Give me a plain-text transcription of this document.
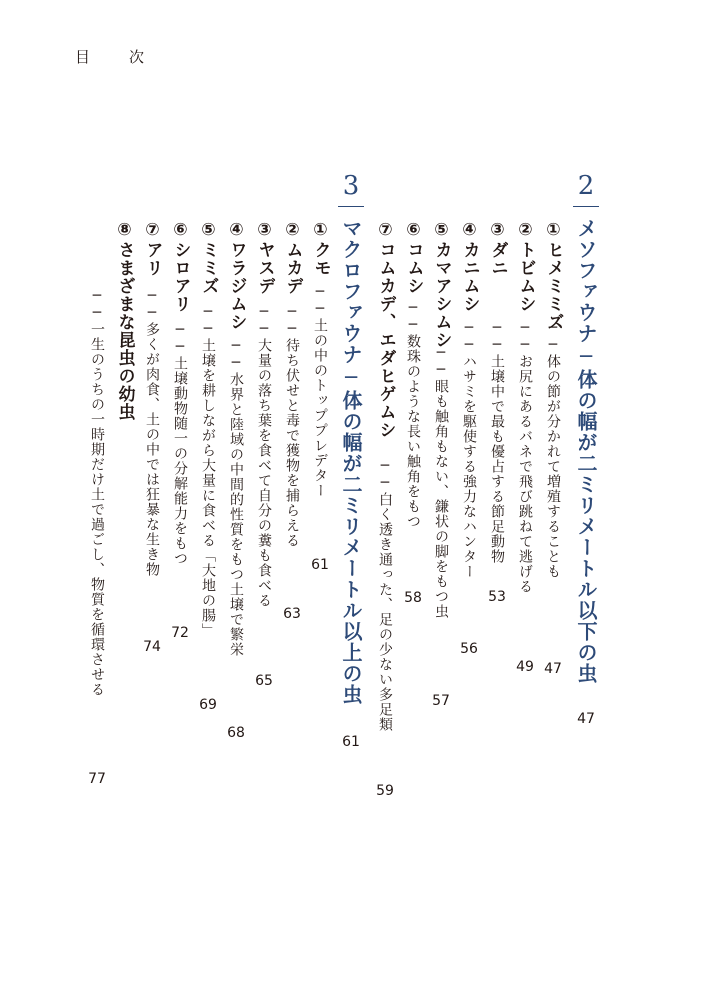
目　次
2
メソファウナ─体の幅が二ミリメートル以下の虫
47
3
マクロファウナ─体の幅が二ミリメートル以上の虫
61
①ヒメミミズ
──体の節が分かれて増殖することも
47
②トビムシ
──お尻にあるバネで飛び跳ねて逃げる
49
③ダニ
──土壌中で最も優占する節足動物
53
④カニムシ
──ハサミを駆使する強力なハンター
56
⑤カマアシムシ
──眼も触角もない、鎌状の脚をもつ虫
57
⑥コムシ
──数珠のような長い触角をもつ
58
⑦コムカデ、エダヒゲムシ
──白く透き通った、足の少ない多足類
59
①クモ
──土の中のトッププレデター
61
②ムカデ
──待ち伏せと毒で獲物を捕らえる
63
③ヤスデ
──大量の落ち葉を食べて自分の糞も食べる
65
④ワラジムシ
──水界と陸域の中間的性質をもつ土壌で繁栄
68
⑤ミミズ
──土壌を耕しながら大量に食べる「大地の腸」
69
⑥シロアリ
──土壌動物随一の分解能力をもつ
72
⑦アリ
──多くが肉食、土の中では狂暴な生き物
74
⑧さまざまな昆虫の幼虫
──一生のうちの一時期だけ土で過ごし、物質を循環させる
77
